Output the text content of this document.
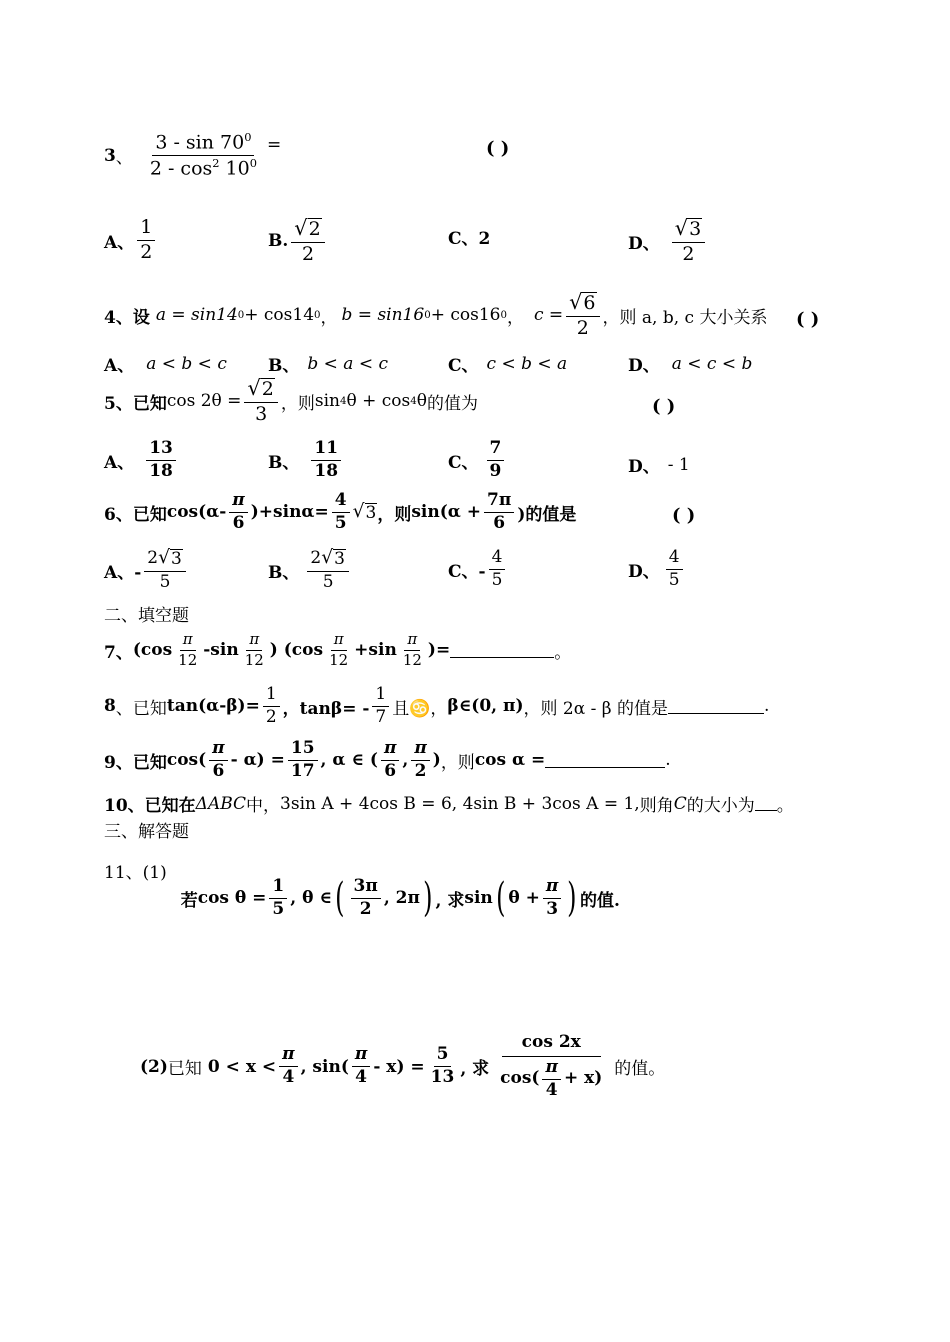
3 、 $\frac{3 - \sin 70^0}{2 - \cos^2 10^0}$ =	( )
A、 $\frac{1}{2}$	B. $\frac{√ 2}{2}$	C、2	D、 $\frac{√ 3}{2}$
4、设 a = sin14 0 + cos14 0 ， b = sin16 0 + cos16 0 ， $c = \frac{√ 6}{2}$ ，则 a, b, c 大小关系 ( )
A、 a < b < c B、 b < a < c	C、 c < b < a	D、 a < c < b
5、已知 $\cos 2\theta = \frac{√ 2}{3}$ ，则 sin 4 θ + cos 4 θ 的值为	( )
A、 $\frac{13}{18}$	B、 $\frac{11}{18}$	C、 $\frac{7}{9}$	D、 - 1
6、已知 $\cos(\alpha- \frac{\pi}{6} )+\sin\alpha= \frac{4}{5}$ √ 3 ，则 $\sin(\alpha + \frac{7\pi}{6}$ )的值是	( )
A、- $\frac{2 √ 3}{5}$	B、 $\frac{2 √ 3}{5}$	C、- $\frac{4}{5}$	D、 $\frac{4}{5}$
二、填空题
7、 ($\cos \frac{\pi}{12} -\sin \frac{\pi}{12}$ ) ($\cos \frac{\pi}{12} +\sin \frac{\pi}{12}$ )=	。
8 、 已知 $\tan(\alpha-\beta)= \frac{1}{2}$ ，$\tan\beta= - \frac{1}{7}$ 且♋ ， β∈(0, π) ，则 2α - β 的值是	.
9、已知 $\cos( \frac{\pi}{6} - \alpha) = \frac{15}{17}$ , α ∈ ( $\frac{\pi}{6}$ , $\frac{\pi}{2}$ ) ，则 cos α =	.
10、已知在 ΔABC 中， 3sin A + 4cos B = 6, 4sin B + 3cos A = 1, 则角 C 的大小为 。
三、解答题
11、(1)
若 $\cos \theta = \frac{1}{5}$ , θ ∈ ( $\frac{3\pi}{2}$ , 2π ) , 求 sin ( $\theta + \frac{\pi}{3}$ ) 的值.
(2) 已知 $0 < x < \frac{\pi}{4}$ , $\sin( \frac{\pi}{4} - x) = \frac{5}{13}$ , 求 $\frac{\cos 2x}{\cos( \frac{\pi}{4} + x)}$ 的值。
